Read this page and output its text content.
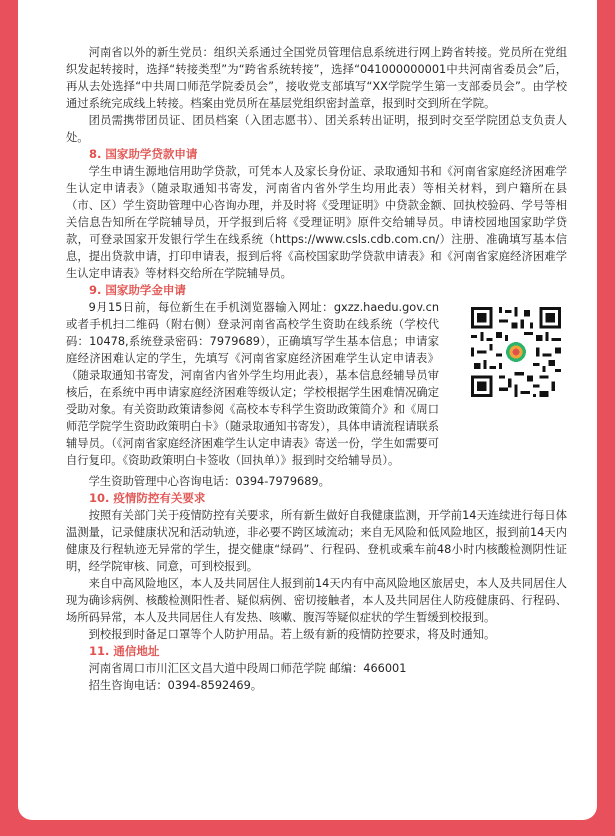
河南省以外的新生党员：组织关系通过全国党员管理信息系统进行网上跨省转接。党员所在党组织发起转接时，选择“转接类型”为“跨省系统转接”，选择“041000000001中共河南省委员会”后，再从去处选择“中共周口师范学院委员会”，接收党支部填写“XX学院学生第一支部委员会”。由学校通过系统完成线上转接。档案由党员所在基层党组织密封盖章，报到时交到所在学院。

团员需携带团员证、团员档案（入团志愿书）、团关系转出证明，报到时交至学院团总支负责人处。

8. 国家助学贷款申请

学生申请生源地信用助学贷款，可凭本人及家长身份证、录取通知书和《河南省家庭经济困难学生认定申请表》（随录取通知书寄发，河南省内省外学生均用此表）等相关材料，到户籍所在县（市、区）学生资助管理中心咨询办理，并及时将《受理证明》中贷款金额、回执校验码、学号等相关信息告知所在学院辅导员，开学报到后将《受理证明》原件交给辅导员。申请校园地国家助学贷款，可登录国家开发银行学生在线系统（https://www.csls.cdb.com.cn/）注册、准确填写基本信息，提出贷款申请，打印申请表，报到后将《高校国家助学贷款申请表》和《河南省家庭经济困难学生认定申请表》等材料交给所在学院辅导员。

9. 国家助学金申请

9月15日前，每位新生在手机浏览器输入网址：gxzz.haedu.gov.cn或者手机扫二维码（附右侧）登录河南省高校学生资助在线系统（学校代码：10478,系统登录密码：7979689），正确填写学生基本信息；申请家庭经济困难认定的学生，先填写《河南省家庭经济困难学生认定申请表》（随录取通知书寄发，河南省内省外学生均用此表），基本信息经辅导员审核后，在系统中再申请家庭经济困难等级认定；学校根据学生困难情况确定受助对象。有关资助政策请参阅《高校本专科学生资助政策简介》和《周口师范学院学生资助政策明白卡》（随录取通知书寄发），具体申请流程请联系辅导员。（《河南省家庭经济困难学生认定申请表》寄送一份，学生如需要可自行复印。《资助政策明白卡签收（回执单）》报到时交给辅导员）。

学生资助管理中心咨询电话：0394-7979689。

10. 疫情防控有关要求

按照有关部门关于疫情防控有关要求，所有新生做好自我健康监测，开学前14天连续进行每日体温测量，记录健康状况和活动轨迹，非必要不跨区域流动；来自无风险和低风险地区，报到前14天内健康及行程轨迹无异常的学生，提交健康“绿码”、行程码、登机或乘车前48小时内核酸检测阴性证明，经学院审核、同意，可到校报到。

来自中高风险地区，本人及共同居住人报到前14天内有中高风险地区旅居史，本人及共同居住人现为确诊病例、核酸检测阳性者、疑似病例、密切接触者，本人及共同居住人防疫健康码、行程码、场所码异常，本人及共同居住人有发热、咳嗽、腹泻等疑似症状的学生暂缓到校报到。

到校报到时备足口罩等个人防护用品。若上级有新的疫情防控要求，将及时通知。

11. 通信地址

河南省周口市川汇区文昌大道中段周口师范学院 邮编：466001

招生咨询电话：0394-8592469。
